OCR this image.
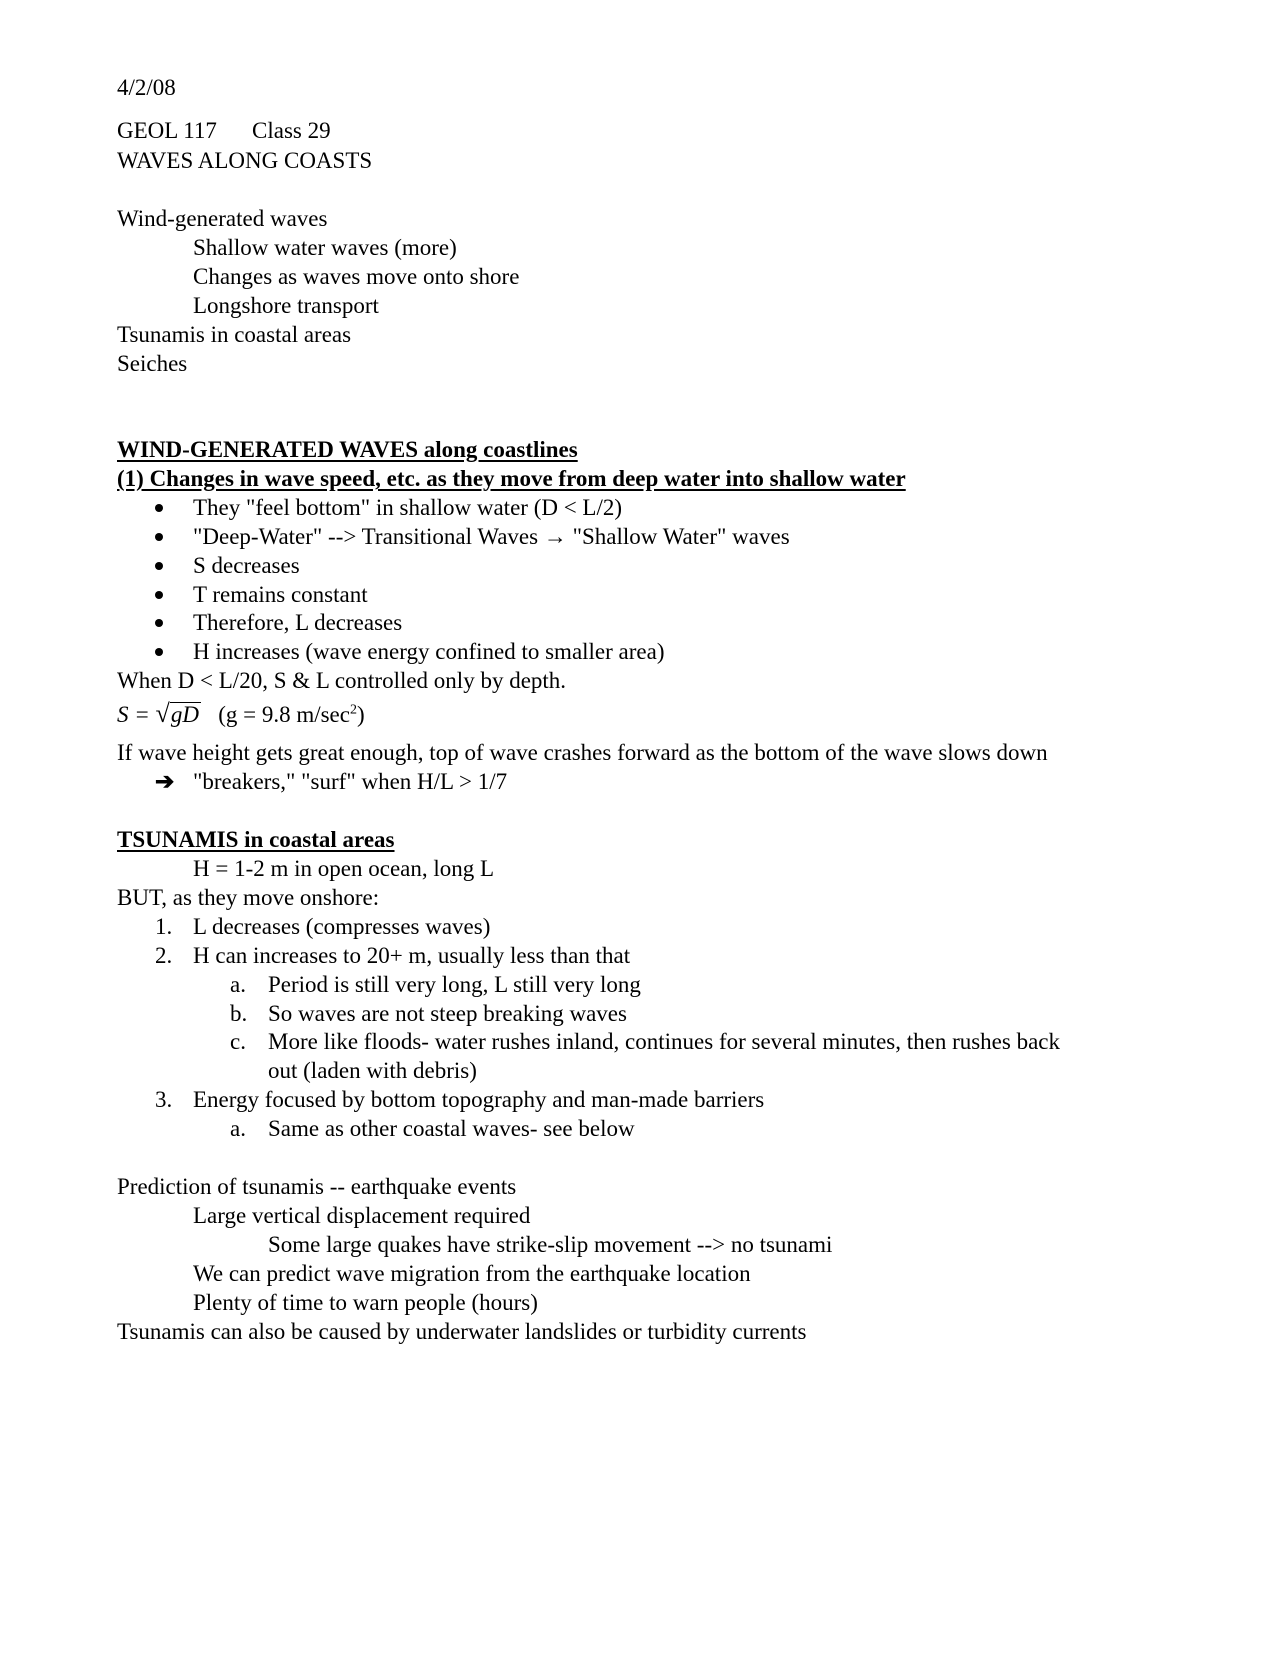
4/2/08

GEOL 117 Class 29

WAVES ALONG COASTS

Wind-generated waves

Shallow water waves (more)

Changes as waves move onto shore

Longshore transport

Tsunamis in coastal areas

Seiches

WIND-GENERATED WAVES along coastlines

(1) Changes in wave speed, etc. as they move from deep water into shallow water

They "feel bottom" in shallow water (D < L/2)

"Deep-Water" --> Transitional Waves → "Shallow Water" waves

S decreases

T remains constant

Therefore, L decreases

H increases (wave energy confined to smaller area)

When D < L/20, S & L controlled only by depth.

S = √gD (g = 9.8 $m/\sec^2$)

If wave height gets great enough, top of wave crashes forward as the bottom of the wave slows down

➔ "breakers," "surf" when H/L > 1/7

TSUNAMIS in coastal areas

H = 1-2 m in open ocean, long L

BUT, as they move onshore:

1. L decreases (compresses waves)

2. H can increases to 20+ m, usually less than that

a. Period is still very long, L still very long

b. So waves are not steep breaking waves

c. More like floods- water rushes inland, continues for several minutes, then rushes back

out (laden with debris)

3. Energy focused by bottom topography and man-made barriers

a. Same as other coastal waves- see below

Prediction of tsunamis -- earthquake events

Large vertical displacement required

Some large quakes have strike-slip movement --> no tsunami

We can predict wave migration from the earthquake location

Plenty of time to warn people (hours)

Tsunamis can also be caused by underwater landslides or turbidity currents
